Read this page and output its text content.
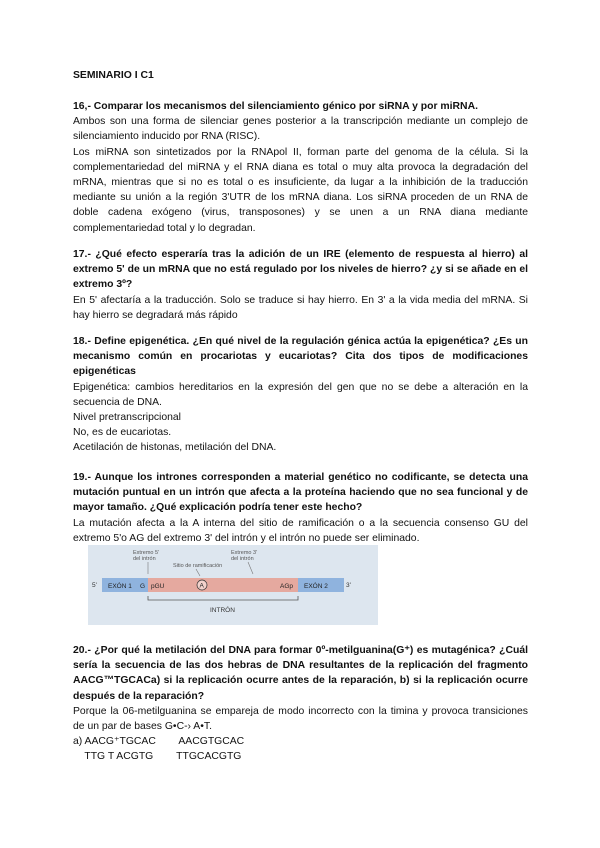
SEMINARIO I C1

16,- Comparar los mecanismos del silenciamiento génico por siRNA y por miRNA.

Ambos son una forma de silenciar genes posterior a la transcripción mediante un complejo de silenciamiento inducido por RNA (RISC).

Los miRNA son sintetizados por la RNApol II, forman parte del genoma de la célula. Si la complementariedad del miRNA y el RNA diana es total o muy alta provoca la degradación del mRNA, mientras que si no es total o es insuficiente, da lugar a la inhibición de la traducción mediante su unión a la región 3'UTR de los mRNA diana. Los siRNA proceden de un RNA de doble cadena exógeno (virus, transposones) y se unen a un RNA diana mediante complementariedad total y lo degradan.

17.- ¿Qué efecto esperaría tras la adición de un IRE (elemento de respuesta al hierro) al extremo 5' de un mRNA que no está regulado por los niveles de hierro? ¿y si se añade en el extremo 3º?

En 5' afectaría a la traducción. Solo se traduce si hay hierro. En 3' a la vida media del mRNA. Si hay hierro se degradará más rápido

18.- Define epigenética. ¿En qué nivel de la regulación génica actúa la epigenética? ¿Es un mecanismo común en procariotas y eucariotas? Cita dos tipos de modificaciones epigenéticas

Epigenética: cambios hereditarios en la expresión del gen que no se debe a alteración en la secuencia de DNA.

Nivel pretranscripcional

No, es de eucariotas.

Acetilación de histonas, metilación del DNA.

19.- Aunque los intrones corresponden a material genético no codificante, se detecta una mutación puntual en un intrón que afecta a la proteína haciendo que no sea funcional y de mayor tamaño. ¿Qué explicación podría tener este hecho?

La mutación afecta a la A interna del sitio de ramificación o a la secuencia consenso GU del extremo 5'o AG del extremo 3' del intrón y el intrón no puede ser eliminado.

Extremo 5'
del intrón
Extremo 3'
del intrón
Sitio de ramificación
5' EXÓN 1 G pGU	A	AGp EXÓN 2	3'
INTRÓN

20.- ¿Por qué la metilación del DNA para formar 0º-metilguanina(G⁺) es mutagénica? ¿Cuál sería la secuencia de las dos hebras de DNA resultantes de la replicación del fragmento AACG™TGCACa) si la replicación ocurre antes de la reparación, b) si la replicación ocurre después de la reparación?

Porque la 06-metilguanina se empareja de modo incorrecto con la timina y provoca transiciones de un par de bases G•C-› A•T.

a) AACG⁺TGCAC        AACGTGCAC

TTG T ACGTG        TTGCACGTG
